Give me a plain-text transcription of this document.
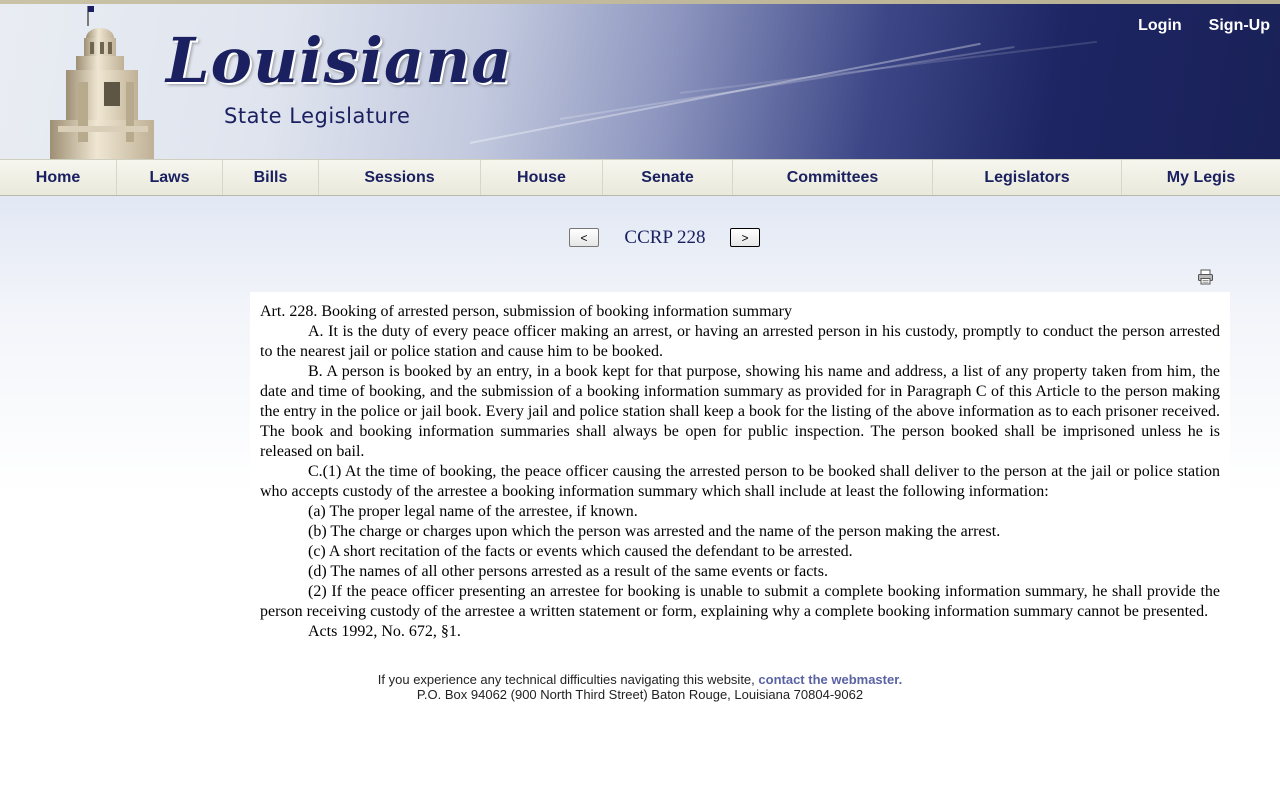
Louisiana
State Legislature
Login Sign-Up
Home	Laws	Bills	Sessions	House	Senate	Committees	Legislators	My Legis
<	CCRP 228	>

Art. 228. Booking of arrested person, submission of booking information summary

A. It is the duty of every peace officer making an arrest, or having an arrested person in his custody, promptly to conduct the person arrested to the nearest jail or police station and cause him to be booked.

B. A person is booked by an entry, in a book kept for that purpose, showing his name and address, a list of any property taken from him, the date and time of booking, and the submission of a booking information summary as provided for in Paragraph C of this Article to the person making the entry in the police or jail book. Every jail and police station shall keep a book for the listing of the above information as to each prisoner received. The book and booking information summaries shall always be open for public inspection. The person booked shall be imprisoned unless he is released on bail.

C.(1) At the time of booking, the peace officer causing the arrested person to be booked shall deliver to the person at the jail or police station who accepts custody of the arrestee a booking information summary which shall include at least the following information:

(a) The proper legal name of the arrestee, if known.

(b) The charge or charges upon which the person was arrested and the name of the person making the arrest.

(c) A short recitation of the facts or events which caused the defendant to be arrested.

(d) The names of all other persons arrested as a result of the same events or facts.

(2) If the peace officer presenting an arrestee for booking is unable to submit a complete booking information summary, he shall provide the person receiving custody of the arrestee a written statement or form, explaining why a complete booking information summary cannot be presented.

Acts 1992, No. 672, §1.

If you experience any technical difficulties navigating this website, contact the webmaster.
P.O. Box 94062 (900 North Third Street) Baton Rouge, Louisiana 70804-9062
